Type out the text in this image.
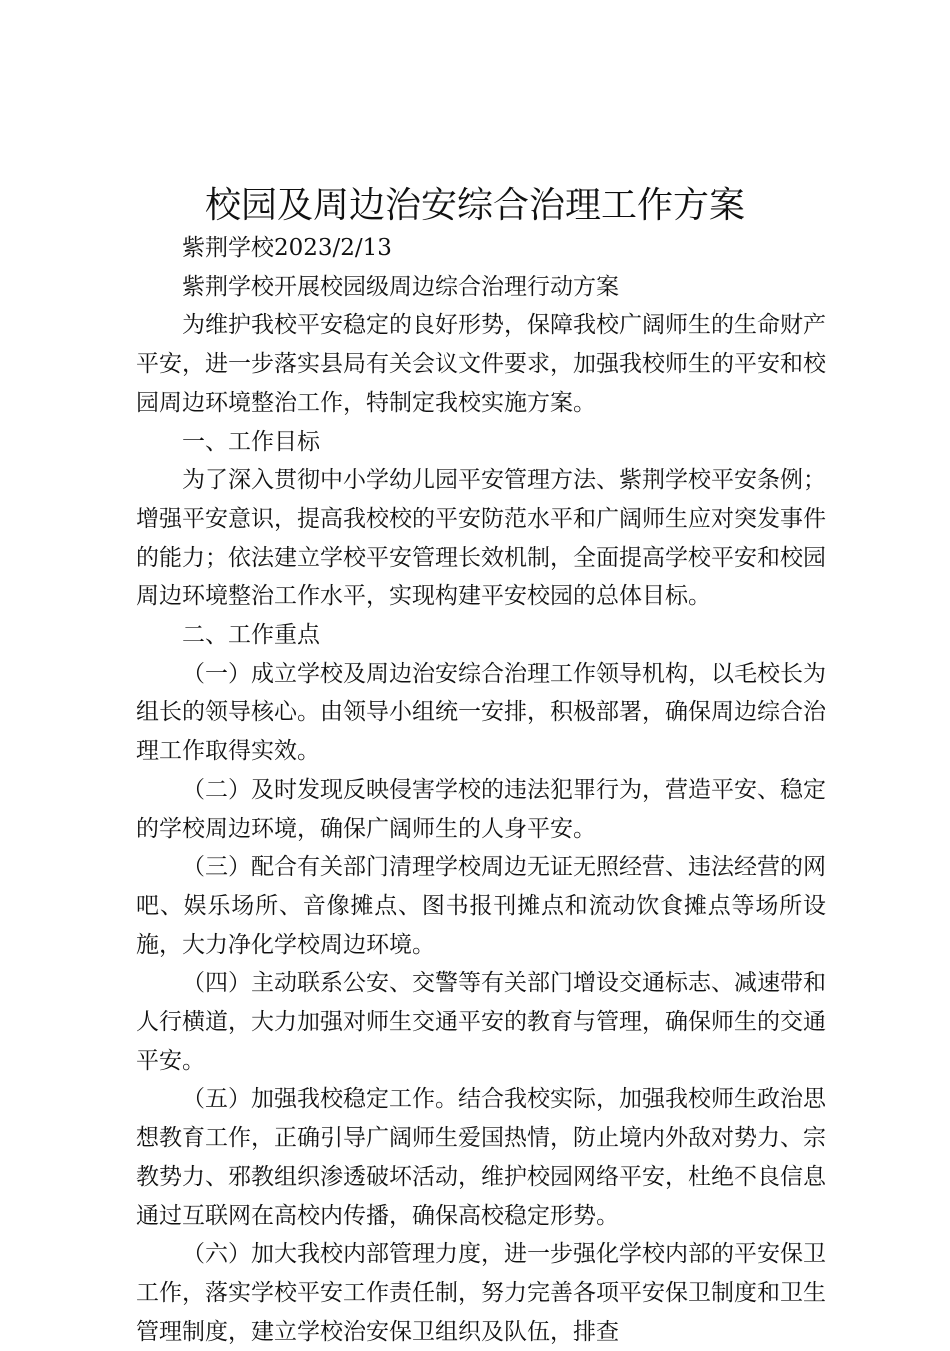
校园及周边治安综合治理工作方案

紫荆学校2023/2/13

紫荆学校开展校园级周边综合治理行动方案

为维护我校平安稳定的良好形势，保障我校广阔师生的生命财产平安，进一步落实县局有关会议文件要求，加强我校师生的平安和校园周边环境整治工作，特制定我校实施方案。

一、工作目标

为了深入贯彻中小学幼儿园平安管理方法、紫荆学校平安条例；增强平安意识，提高我校校的平安防范水平和广阔师生应对突发事件的能力；依法建立学校平安管理长效机制，全面提高学校平安和校园周边环境整治工作水平，实现构建平安校园的总体目标。

二、工作重点

（一）成立学校及周边治安综合治理工作领导机构，以毛校长为组长的领导核心。由领导小组统一安排，积极部署，确保周边综合治理工作取得实效。

（二）及时发现反映侵害学校的违法犯罪行为，营造平安、稳定的学校周边环境，确保广阔师生的人身平安。

（三）配合有关部门清理学校周边无证无照经营、违法经营的网吧、娱乐场所、音像摊点、图书报刊摊点和流动饮食摊点等场所设施，大力净化学校周边环境。

（四）主动联系公安、交警等有关部门增设交通标志、减速带和人行横道，大力加强对师生交通平安的教育与管理，确保师生的交通平安。

（五）加强我校稳定工作。结合我校实际，加强我校师生政治思想教育工作，正确引导广阔师生爱国热情，防止境内外敌对势力、宗教势力、邪教组织渗透破坏活动，维护校园网络平安，杜绝不良信息通过互联网在高校内传播，确保高校稳定形势。

（六）加大我校内部管理力度，进一步强化学校内部的平安保卫工作，落实学校平安工作责任制，努力完善各项平安保卫制度和卫生管理制度，建立学校治安保卫组织及队伍，排查
